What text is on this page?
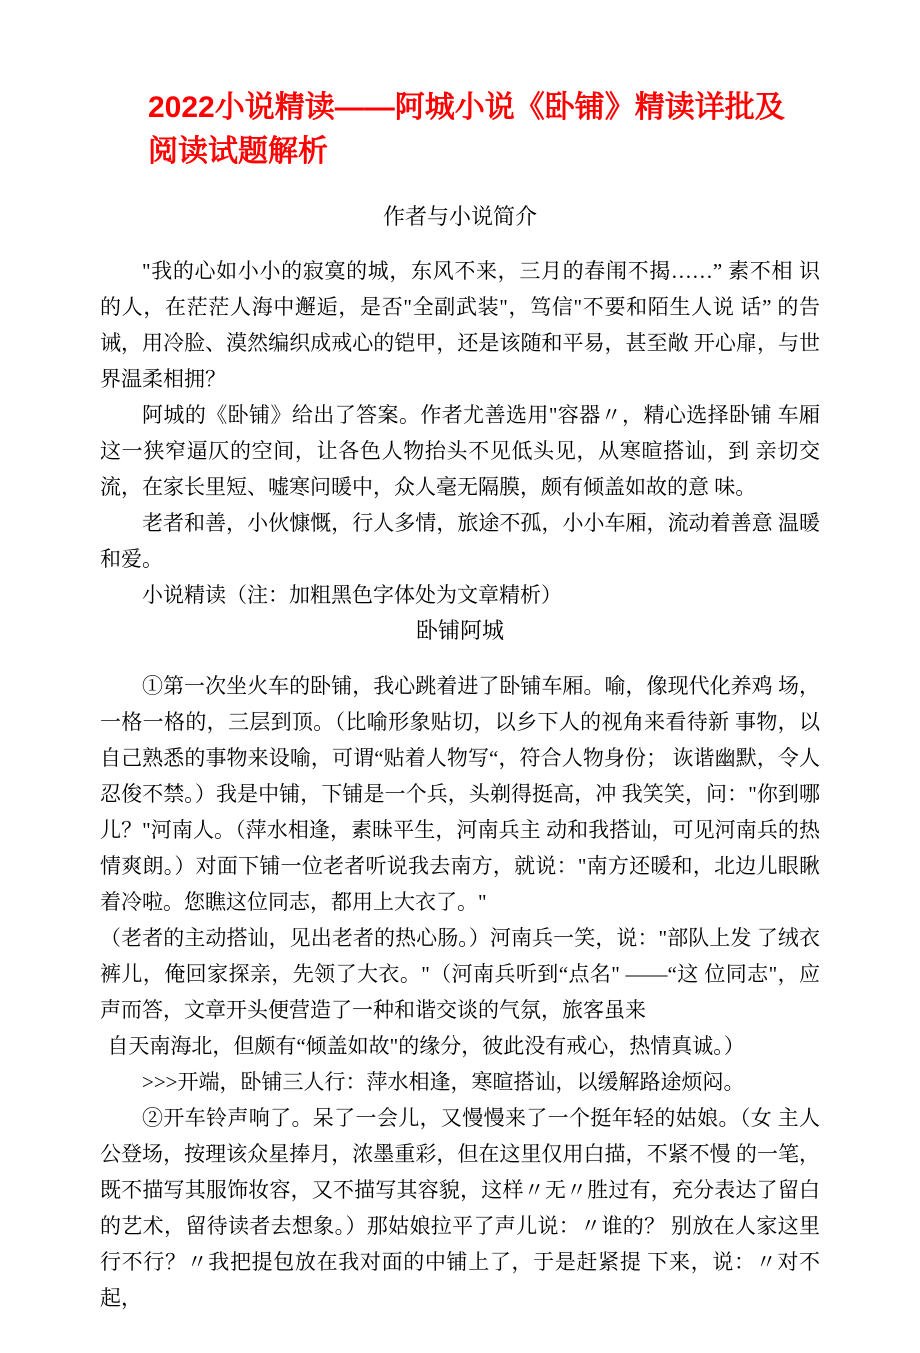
2022小说精读——阿城小说《卧铺》精读详批及阅读试题解析
作者与小说简介

"我的心如小小的寂寞的城，东风不来，三月的春闱不揭……” 素不相 识的人，在茫茫人海中邂逅，是否"全副武装"，笃信"不要和陌生人说 话” 的告诫，用冷脸、漠然编织成戒心的铠甲，还是该随和平易，甚至敞 开心扉，与世界温柔相拥？

阿城的《卧铺》给出了答案。作者尤善选用"容器〃，精心选择卧铺 车厢这一狭窄逼仄的空间，让各色人物抬头不见低头见，从寒暄搭讪，到 亲切交流，在家长里短、嘘寒问暖中，众人毫无隔膜，颇有倾盖如故的意 味。

老者和善，小伙慷慨，行人多情，旅途不孤，小小车厢，流动着善意 温暖和爱。

小说精读（注：加粗黑色字体处为文章精析）

卧铺阿城

①第一次坐火车的卧铺，我心跳着进了卧铺车厢。喻，像现代化养鸡 场，一格一格的，三层到顶。（比喻形象贴切，以乡下人的视角来看待新 事物，以自己熟悉的事物来设喻，可谓“贴着人物写“，符合人物身份； 诙谐幽默，令人忍俊不禁。）我是中铺，下铺是一个兵，头剃得挺高，冲 我笑笑，问："你到哪儿？"河南人。（萍水相逢，素昧平生，河南兵主 动和我搭讪，可见河南兵的热情爽朗。）对面下铺一位老者听说我去南方，就说："南方还暖和，北边儿眼瞅着冷啦。您瞧这位同志，都用上大衣了。"

（老者的主动搭讪，见出老者的热心肠。）河南兵一笑，说："部队上发 了绒衣裤儿，俺回家探亲，先领了大衣。"（河南兵听到“点名" ——“这 位同志"，应声而答，文章开头便营造了一种和谐交谈的气氛，旅客虽来

自天南海北，但颇有“倾盖如故"的缘分，彼此没有戒心，热情真诚。）

>>>开端，卧铺三人行：萍水相逢，寒暄搭讪，以缓解路途烦闷。

②开车铃声响了。呆了一会儿，又慢慢来了一个挺年轻的姑娘。（女 主人公登场，按理该众星捧月，浓墨重彩，但在这里仅用白描，不紧不慢 的一笔，既不描写其服饰妆容，又不描写其容貌，这样〃无〃胜过有，充分表达了留白的艺术，留待读者去想象。）那姑娘拉平了声儿说：〃谁的？ 别放在人家这里行不行？〃我把提包放在我对面的中铺上了，于是赶紧提 下来，说：〃对不起，
